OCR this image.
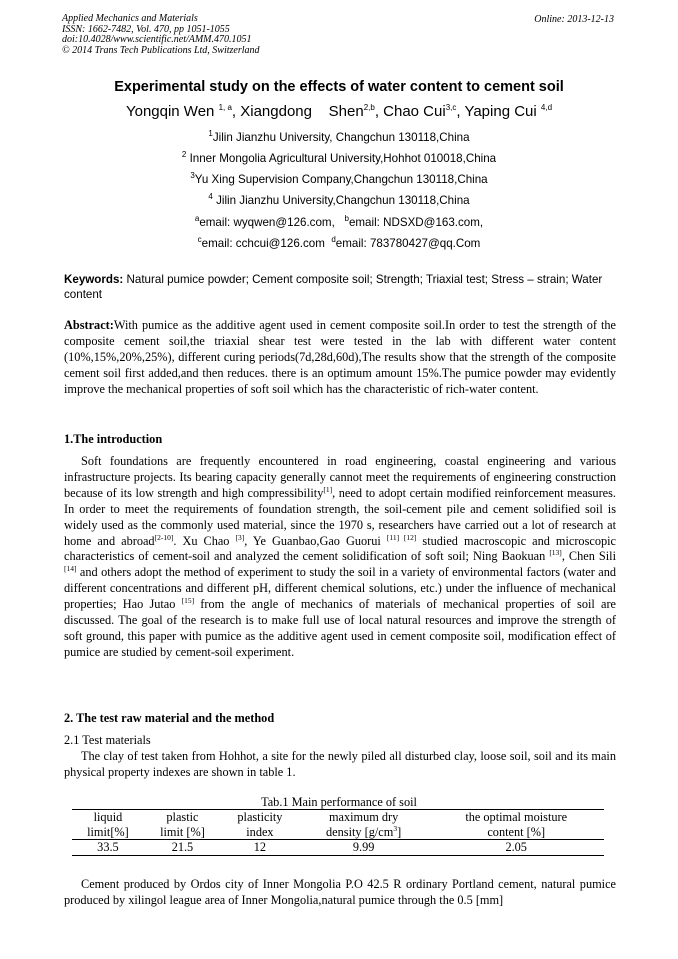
Applied Mechanics and Materials
ISSN: 1662-7482, Vol. 470, pp 1051-1055
doi:10.4028/www.scientific.net/AMM.470.1051
© 2014 Trans Tech Publications Ltd, Switzerland
Online: 2013-12-13
Experimental study on the effects of water content to cement soil
Yongqin Wen $^{1, a}$, Xiangdong    Shen$^{2,b}$, Chao Cui$^{3,c}$, Yaping Cui $^{4,d}$
$^1$Jilin Jianzhu University, Changchun 130118,China
$^2$ Inner Mongolia Agricultural University,Hohhot 010018,China
$^3$Yu Xing Supervision Company,Changchun 130118,China
$^4$ Jilin Jianzhu University,Changchun 130118,China
$^a$email: wyqwen@126.com, $^b$email: NDSXD@163.com,
$^c$email: cchcui@126.com $^d$email: 783780427@qq.Com
Keywords: Natural pumice powder; Cement composite soil; Strength; Triaxial test; Stress – strain; Water content
Abstract:With pumice as the additive agent used in cement composite soil.In order to test the strength of the composite cement soil,the triaxial shear test were tested in the lab with different water content (10%,15%,20%,25%), different curing periods(7d,28d,60d),The results show that the strength of the composite cement soil first added,and then reduces. there is an optimum amount 15%.The pumice powder may evidently improve the mechanical properties of soft soil which has the characteristic of rich-water content.
1.The introduction
Soft foundations are frequently encountered in road engineering, coastal engineering and various infrastructure projects. Its bearing capacity generally cannot meet the requirements of engineering construction because of its low strength and high compressibility[1], need to adopt certain modified reinforcement measures. In order to meet the requirements of foundation strength, the soil-cement pile and cement solidified soil is widely used as the commonly used material, since the 1970 s, researchers have carried out a lot of research at home and abroad[2-10]. Xu Chao [3], Ye Guanbao,Gao Guorui [11] [12] studied macroscopic and microscopic characteristics of cement-soil and analyzed the cement solidification of soft soil; Ning Baokuan [13], Chen Sili [14] and others adopt the method of experiment to study the soil in a variety of environmental factors (water and different concentrations and different pH, different chemical solutions, etc.) under the influence of mechanical properties; Hao Jutao [15] from the angle of mechanics of materials of mechanical properties of soil are discussed. The goal of the research is to make full use of local natural resources and improve the strength of soft ground, this paper with pumice as the additive agent used in cement composite soil, modification effect of pumice are studied by cement-soil experiment.
2. The test raw material and the method
2.1 Test materials
The clay of test taken from Hohhot, a site for the newly piled all disturbed clay, loose soil, soil and its main physical property indexes are shown in table 1.
Tab.1 Main performance of soil
liquid	plastic	plasticity	maximum dry	the optimal moisture
limit[%]	limit [%]	index	density $[g/cm^3]$	content [%]
33.5	21.5	12	9.99	2.05
Cement produced by Ordos city of Inner Mongolia P.O 42.5 R ordinary Portland cement, natural pumice produced by xilingol league area of Inner Mongolia,natural pumice through the 0.5 [mm]
